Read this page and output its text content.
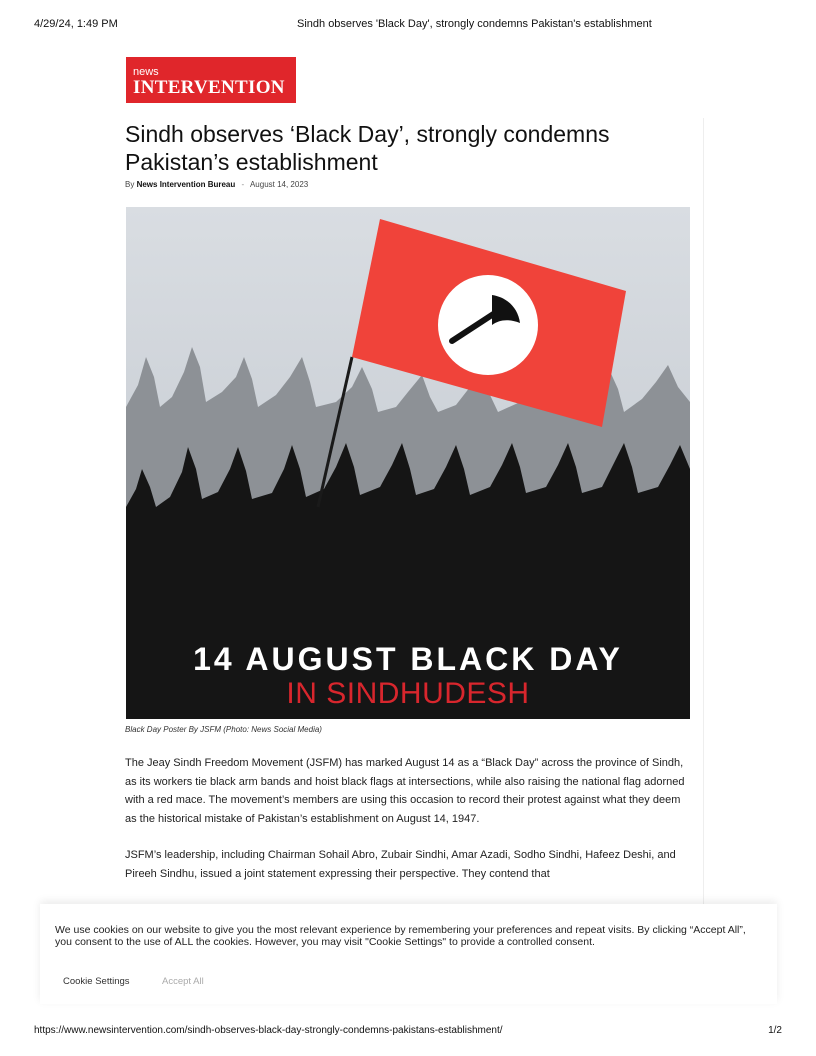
4/29/24, 1:49 PM	Sindh observes 'Black Day', strongly condemns Pakistan's establishment
news
INTERVENTION
Sindh observes ‘Black Day’, strongly condemns Pakistan’s establishment
By News Intervention Bureau - August 14, 2023
14 AUGUST BLACK DAY
IN SINDHUDESH
Black Day Poster By JSFM (Photo: News Social Media)

The Jeay Sindh Freedom Movement (JSFM) has marked August 14 as a “Black Day” across the province of Sindh, as its workers tie black arm bands and hoist black flags at intersections, while also raising the national flag adorned with a red mace. The movement’s members are using this occasion to record their protest against what they deem as the historical mistake of Pakistan’s establishment on August 14, 1947.

JSFM’s leadership, including Chairman Sohail Abro, Zubair Sindhi, Amar Azadi, Sodho Sindhi, Hafeez Deshi, and Pireeh Sindhu, issued a joint statement expressing their perspective. They contend that

We use cookies on our website to give you the most relevant experience by remembering your preferences and repeat visits. By clicking “Accept All”, you consent to the use of ALL the cookies. However, you may visit "Cookie Settings" to provide a controlled consent.
Cookie Settings	Accept All
https://www.newsintervention.com/sindh-observes-black-day-strongly-condemns-pakistans-establishment/	1/2
